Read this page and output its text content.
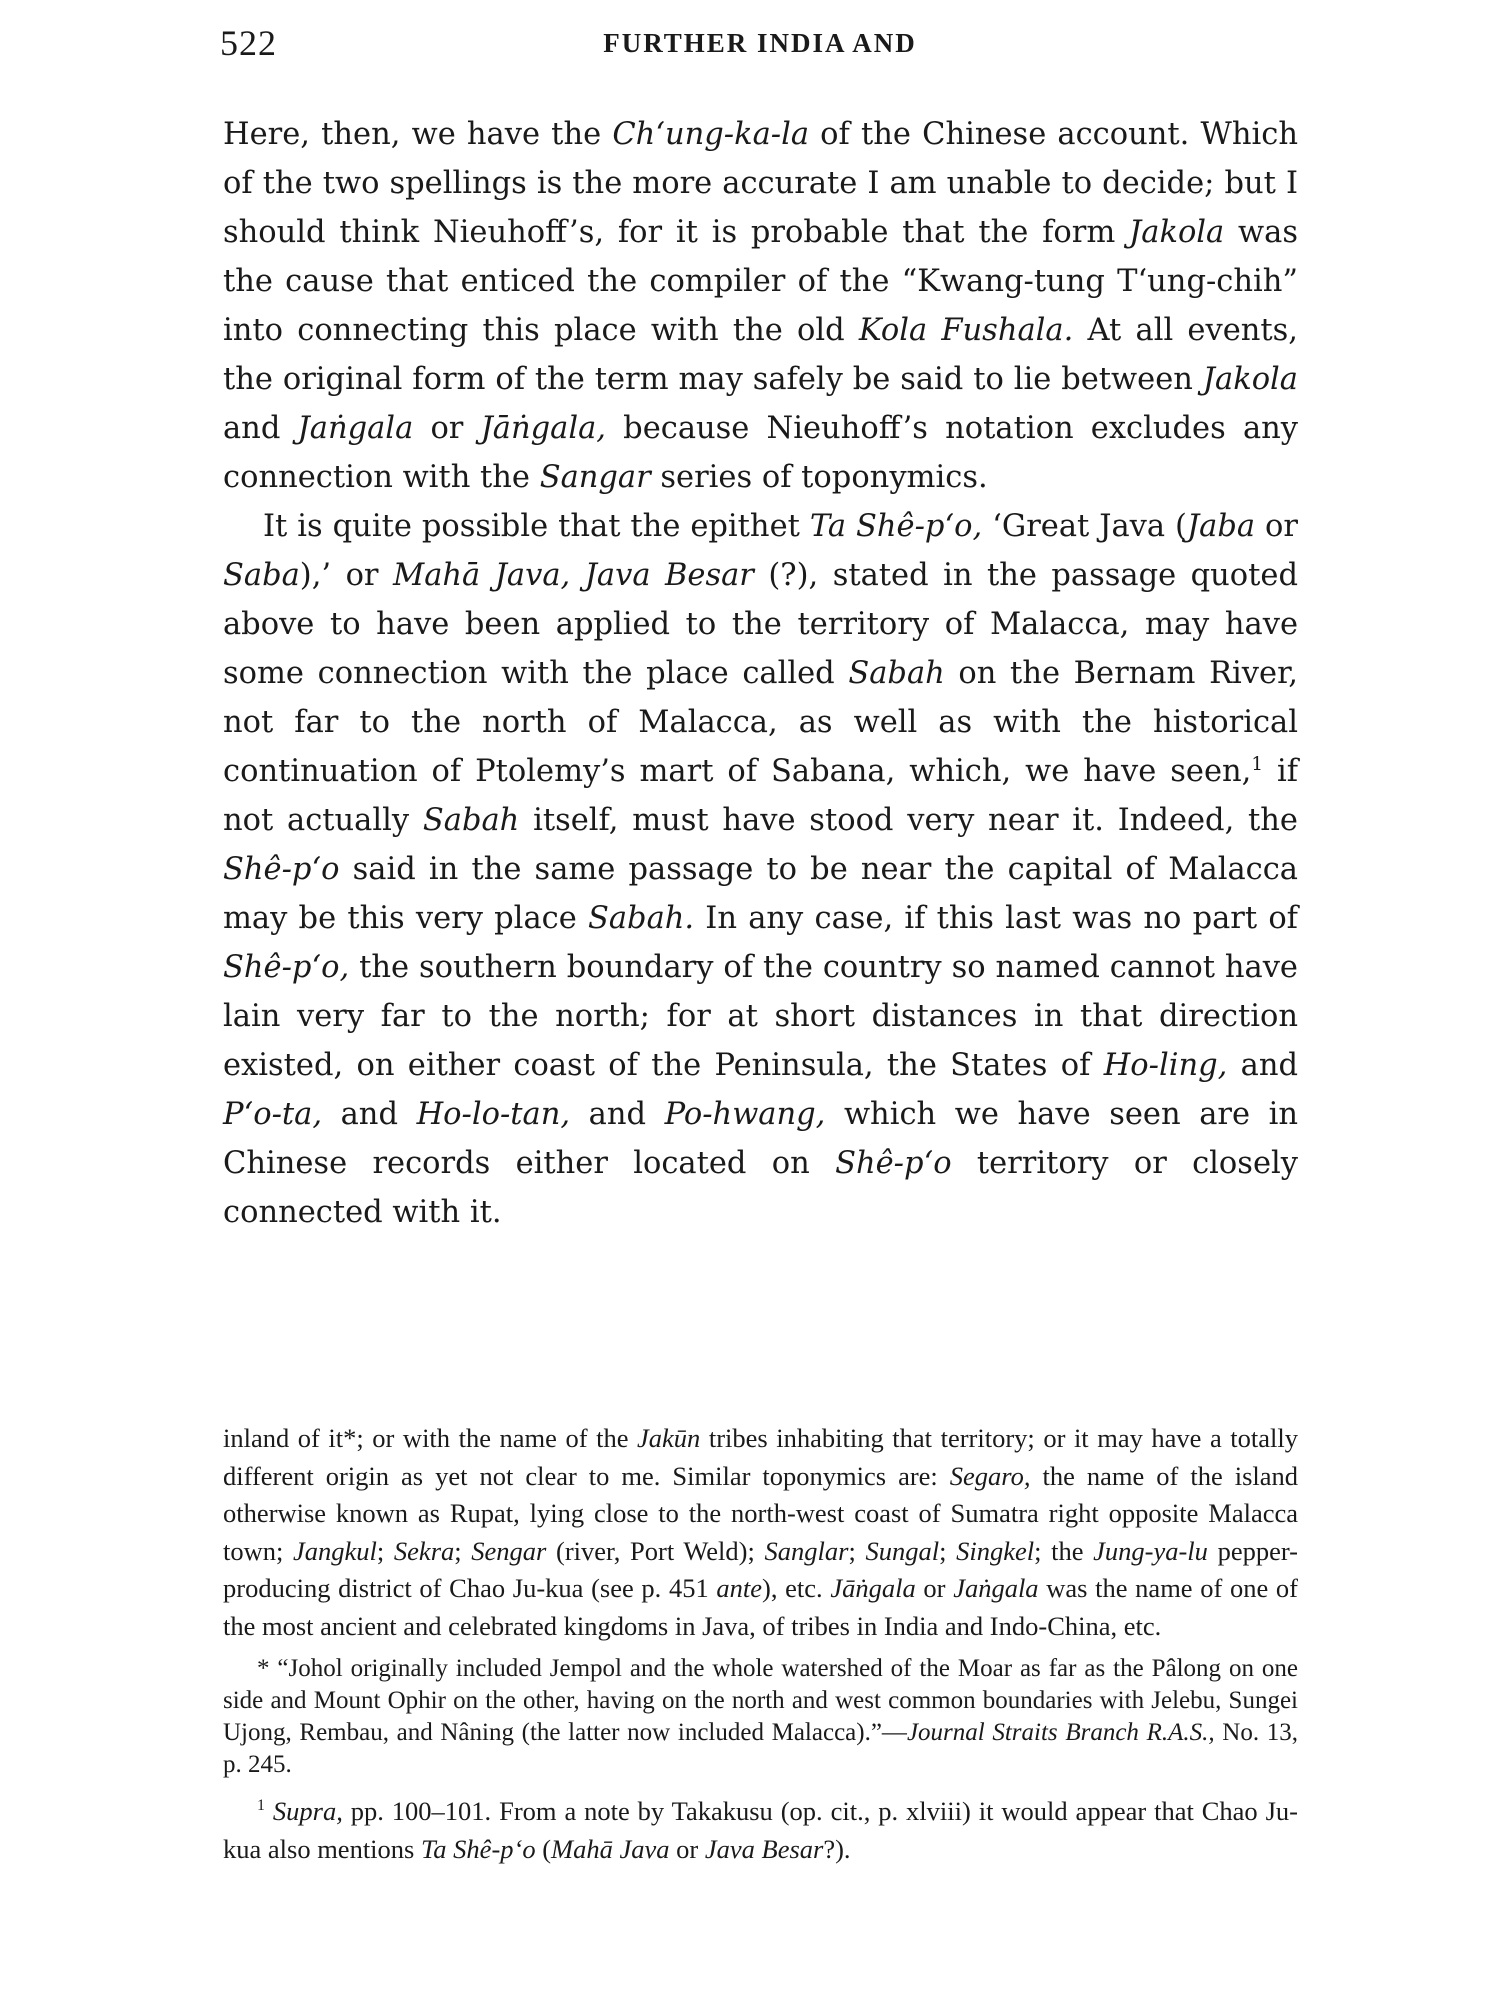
522	FURTHER INDIA AND

Here, then, we have the Ch‘ung-ka-la of the Chinese account. Which of the two spellings is the more accurate I am unable to decide; but I should think Nieuhoff’s, for it is probable that the form Jakola was the cause that enticed the compiler of the “Kwang-tung T‘ung-chih” into connecting this place with the old Kola Fushala. At all events, the original form of the term may safely be said to lie between Jakola and Jaṅgala or Jāṅgala, because Nieuhoff’s notation excludes any connection with the Sangar series of toponymics.

It is quite possible that the epithet Ta Shê-p‘o, ‘Great Java (Jaba or Saba),’ or Mahā Java, Java Besar (?), stated in the passage quoted above to have been applied to the territory of Malacca, may have some connection with the place called Sabah on the Bernam River, not far to the north of Malacca, as well as with the historical continuation of Ptolemy’s mart of Sabana, which, we have seen,$^1$ if not actually Sabah itself, must have stood very near it. Indeed, the Shê-p‘o said in the same passage to be near the capital of Malacca may be this very place Sabah. In any case, if this last was no part of Shê-p‘o, the southern boundary of the country so named cannot have lain very far to the north; for at short distances in that direction existed, on either coast of the Peninsula, the States of Ho-ling, and P‘o-ta, and Ho-lo-tan, and Po-hwang, which we have seen are in Chinese records either located on Shê-p‘o territory or closely connected with it.

inland of it*; or with the name of the Jakūn tribes inhabiting that territory; or it may have a totally different origin as yet not clear to me. Similar toponymics are: Segaro, the name of the island otherwise known as Rupat, lying close to the north-west coast of Sumatra right opposite Malacca town; Jangkul; Sekra; Sengar (river, Port Weld); Sanglar; Sungal; Singkel; the Jung-ya-lu pepper-producing district of Chao Ju-kua (see p. 451 ante), etc. Jāṅgala or Jaṅgala was the name of one of the most ancient and celebrated kingdoms in Java, of tribes in India and Indo-China, etc.

* “Johol originally included Jempol and the whole watershed of the Moar as far as the Pâlong on one side and Mount Ophir on the other, having on the north and west common boundaries with Jelebu, Sungei Ujong, Rembau, and Nâning (the latter now included Malacca).”—Journal Straits Branch R.A.S., No. 13, p. 245.

$^1$ Supra, pp. 100–101. From a note by Takakusu (op. cit., p. xlviii) it would appear that Chao Ju-kua also mentions Ta Shê-p‘o (Mahā Java or Java Besar?).
